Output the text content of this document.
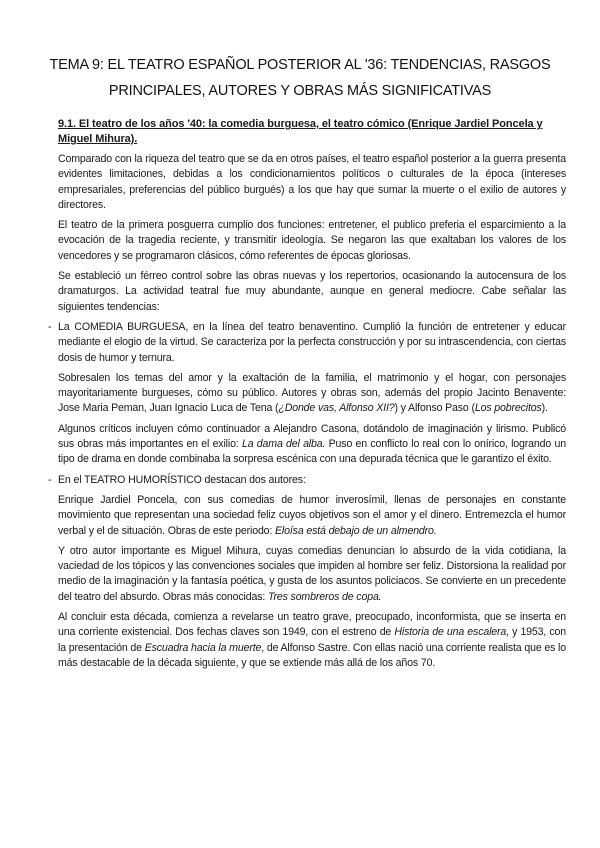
TEMA 9: EL TEATRO ESPAÑOL POSTERIOR AL '36: TENDENCIAS, RASGOS PRINCIPALES, AUTORES Y OBRAS MÁS SIGNIFICATIVAS
9.1. El teatro de los años '40: la comedia burguesa, el teatro cómico (Enrique Jardiel Poncela y Miguel Mihura).

Comparado con la riqueza del teatro que se da en otros países, el teatro español posterior a la guerra presenta evidentes limitaciones, debidas a los condicionamientos políticos o culturales de la época (intereses empresariales, preferencias del público burgués) a los que hay que sumar la muerte o el exilio de autores y directores.

El teatro de la primera posguerra cumplio dos funciones: entretener, el publico preferia el esparcimiento a la evocación de la tragedia reciente, y transmitir ideología. Se negaron las que exaltaban los valores de los vencedores y se programaron clásicos, cómo referentes de épocas gloriosas.

Se estableció un férreo control sobre las obras nuevas y los repertorios, ocasionando la autocensura de los dramaturgos. La actividad teatral fue muy abundante, aunque en general mediocre. Cabe señalar las siguientes tendencias:

- La COMEDIA BURGUESA, en la línea del teatro benaventino. Cumplió la función de entretener y educar mediante el elogio de la virtud. Se caracteriza por la perfecta construcción y por su intrascendencia, con ciertas dosis de humor y ternura.

Sobresalen los temas del amor y la exaltación de la familia, el matrimonio y el hogar, con personajes mayoritariamente burgueses, cómo su público. Autores y obras son, además del propio Jacinto Benavente: Jose Maria Peman, Juan Ignacio Luca de Tena (¿Donde vas, Alfonso XII?) y Alfonso Paso (Los pobrecitos).

Algunos críticos incluyen cómo continuador a Alejandro Casona, dotándolo de imaginación y lirismo. Publicó sus obras más importantes en el exilio: La dama del alba. Puso en conflicto lo real con lo onírico, logrando un tipo de drama en donde combinaba la sorpresa escénica con una depurada técnica que le garantizo el éxito.

- En el TEATRO HUMORÍSTICO destacan dos autores:

Enrique Jardiel Poncela, con sus comedias de humor inverosímil, llenas de personajes en constante movimiento que representan una sociedad feliz cuyos objetivos son el amor y el dinero. Entremezcla el humor verbal y el de situación. Obras de este periodo: Eloísa está debajo de un almendro.

Y otro autor importante es Miguel Mihura, cuyas comedias denuncian lo absurdo de la vida cotidiana, la vaciedad de los tópicos y las convenciones sociales que impiden al hombre ser feliz. Distorsiona la realidad por medio de la imaginación y la fantasía poética, y gusta de los asuntos policiacos. Se convierte en un precedente del teatro del absurdo. Obras más conocidas: Tres sombreros de copa.

Al concluir esta década, comienza a revelarse un teatro grave, preocupado, inconformista, que se inserta en una corriente existencial. Dos fechas claves son 1949, con el estreno de Historia de una escalera, y 1953, con la presentación de Escuadra hacia la muerte, de Alfonso Sastre. Con ellas nació una corriente realista que es lo más destacable de la década siguiente, y que se extiende más allá de los años 70.
